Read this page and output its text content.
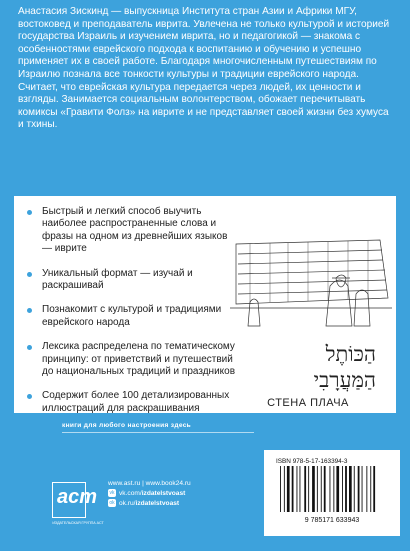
Анастасия Зискинд — выпускница Института стран Азии и Африки МГУ, востоковед и преподаватель иврита. Увлечена не только культурой и историей государства Израиль и изучением иврита, но и педагогикой — знакома с особенностями еврейского подхода к воспитанию и обучению и успешно применяет их в своей работе. Благодаря многочисленным путешествиям по Израилю познала все тонкости культуры и традиции еврейского народа. Считает, что еврейская культура передается через людей, их ценности и взгляды. Занимается социальным волонтерством, обожает перечитывать комиксы «Гравити Фолз» на иврите и не представляет своей жизни без хумуса и тхины.
Быстрый и легкий способ выучить наиболее распространенные слова и фразы на одном из древнейших языков — иврите
Уникальный формат — изучай и раскрашивай
Познакомит с культурой и традициями еврейского народа
Лексика распределена по тематическому принципу: от приветствий и путешествий до национальных традиций и праздников
Содержит более 100 детализированных иллюстраций для раскрашивания
הַכּוֹתֶל
הַמַּעֲרָבִי
СТЕНА ПЛАЧА
книги для любого настроения здесь
аст
ИЗДАТЕЛЬСКАЯ ГРУППА АСТ
www.ast.ru | www.book24.ru
vk vk.com/ izdatelstvoast
ok ok.ru/ izdatelstvoast
ISBN 978-5-17-163394-3
9 785171 633943
